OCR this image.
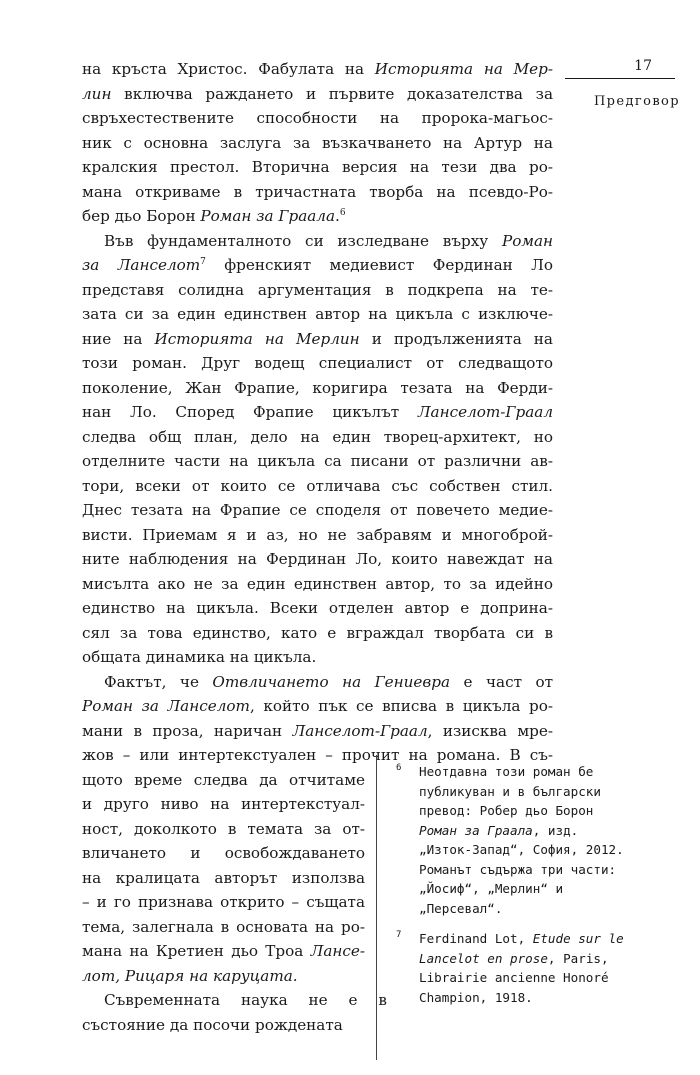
17
Предговор

на кръста Христос. Фабулата на Историята на Мер-
лин включва раждането и първите доказателства за
свръхестествените способности на пророка-магьос-
ник с основна заслуга за възкачването на Артур на
кралския престол. Вторична версия на тези два ро-
мана откриваме в тричастната творба на псевдо-Ро-
бер дьо Борон Роман за Граала.$^6$

Във фундаменталното си изследване върху Роман
за Ланселот$^7$ френският медиевист Фердинан Ло
представя солидна аргументация в подкрепа на те-
зата си за един единствен автор на цикъла с изключе-
ние на Историята на Мерлин и продълженията на
този роман. Друг водещ специалист от следващото
поколение, Жан Фрапие, коригира тезата на Ферди-
нан Ло. Според Фрапие цикълът Ланселот-Граал
следва общ план, дело на един творец-архитект, но
отделните части на цикъла са писани от различни ав-
тори, всеки от които се отличава със собствен стил.
Днес тезата на Фрапие се споделя от повечето медие-
висти. Приемам я и аз, но не забравям и многоброй-
ните наблюдения на Фердинан Ло, които навеждат на
мисълта ако не за един единствен автор, то за идейно
единство на цикъла. Всеки отделен автор е доприна-
сял за това единство, като е вграждал творбата си в
общата динамика на цикъла.

Фактът, че Отвличането на Гениевра е част от
Роман за Ланселот, който пък се вписва в цикъла ро-
мани в проза, наричан Ланселот-Граал, изисква мре-
жов – или интертекстуален – прочит на романа. В съ-
щото време следва да отчитаме
и друго ниво на интертекстуал-
ност, доколкото в темата за от-
вличането и освобождаването
на кралицата авторът използва
– и го признава открито – същата
тема, залегнала в основата на ро-
мана на Кретиен дьо Троа Лансе-
лот, Рицаря на каруцата.

Съвременната наука не е в
състояние да посочи рождената

6 Неотдавна този роман бе публикуван и в български превод: Робер дьо Борон Роман за Граала, изд. „Изток-Запад“, София, 2012. Романът съдържа три части: „Йосиф“, „Мерлин“ и „Персевал“.
7 Ferdinand Lot, Etude sur le Lancelot en prose, Paris, Librairie ancienne Honoré Champion, 1918.
